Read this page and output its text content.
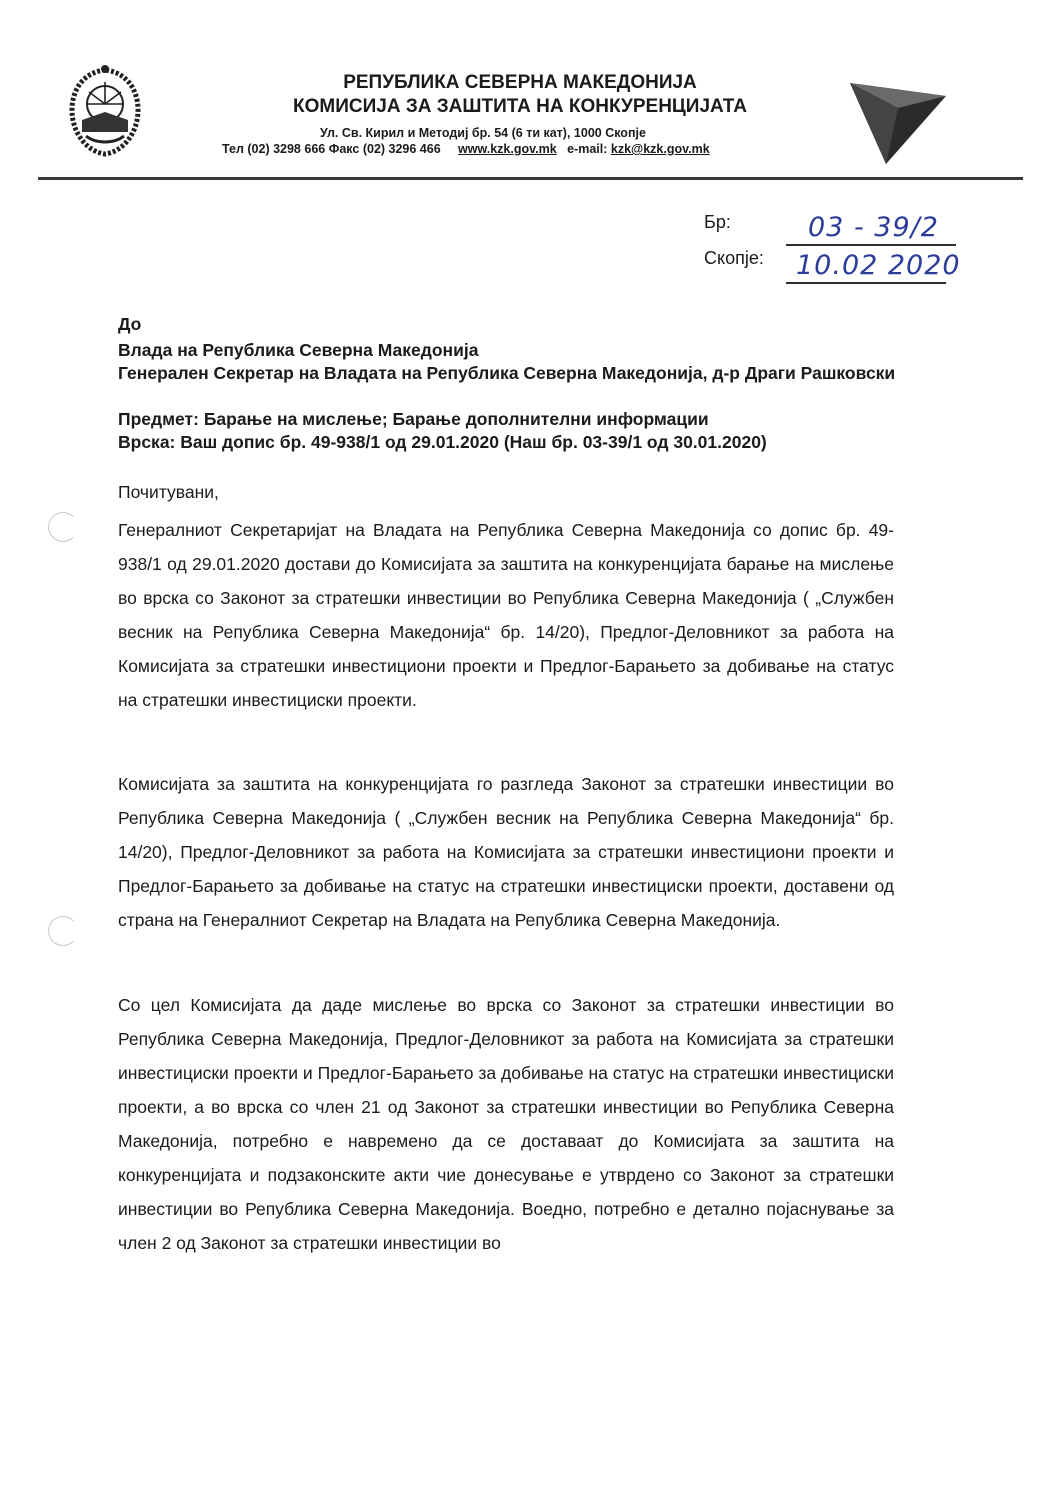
РЕПУБЛИКА СЕВЕРНА МАКЕДОНИЈА
КОМИСИЈА ЗА ЗАШТИТА НА КОНКУРЕНЦИЈАТА
Ул. Св. Кирил и Методиј бр. 54 (6 ти кат), 1000 Скопје
Тел (02) 3298 666 Факс (02) 3296 466 www.kzk.gov.mk e-mail: kzk@kzk.gov.mk
Бр:	03 - 39/2
Скопје: 10.02 2020
До
Влада на Република Северна Македонија
Генерален Секретар на Владата на Република Северна Македонија, д-р Драги Рашковски
Предмет: Барање на мислење; Барање дополнителни информации
Врска: Ваш допис бр. 49-938/1 од 29.01.2020 (Наш бр. 03-39/1 од 30.01.2020)
Почитувани,
Генералниот Секретаријат на Владата на Република Северна Македонија со допис бр. 49-938/1 од 29.01.2020 достави до Комисијата за заштита на конкуренцијата барање на мислење во врска со Законот за стратешки инвестиции во Република Северна Македонија ( „Службен весник на Република Северна Македонија“ бр. 14/20), Предлог-Деловникот за работа на Комисијата за стратешки инвестициони проекти и Предлог-Барањето за добивање на статус на стратешки инвестициски проекти.
Комисијата за заштита на конкуренцијата го разгледа Законот за стратешки инвестиции во Република Северна Македонија ( „Службен весник на Република Северна Македонија“ бр. 14/20), Предлог-Деловникот за работа на Комисијата за стратешки инвестициони проекти и Предлог-Барањето за добивање на статус на стратешки инвестициски проекти, доставени од страна на Генералниот Секретар на Владата на Република Северна Македонија.
Со цел Комисијата да даде мислење во врска со Законот за стратешки инвестиции во Република Северна Македонија, Предлог-Деловникот за работа на Комисијата за стратешки инвестициски проекти и Предлог-Барањето за добивање на статус на стратешки инвестициски проекти, а во врска со член 21 од Законот за стратешки инвестиции во Република Северна Македонија, потребно е навремено да се доставаат до Комисијата за заштита на конкуренцијата и подзаконските акти чие донесување е утврдено со Законот за стратешки инвестиции во Република Северна Македонија. Воедно, потребно е детално појаснување за член 2 од Законот за стратешки инвестиции во
